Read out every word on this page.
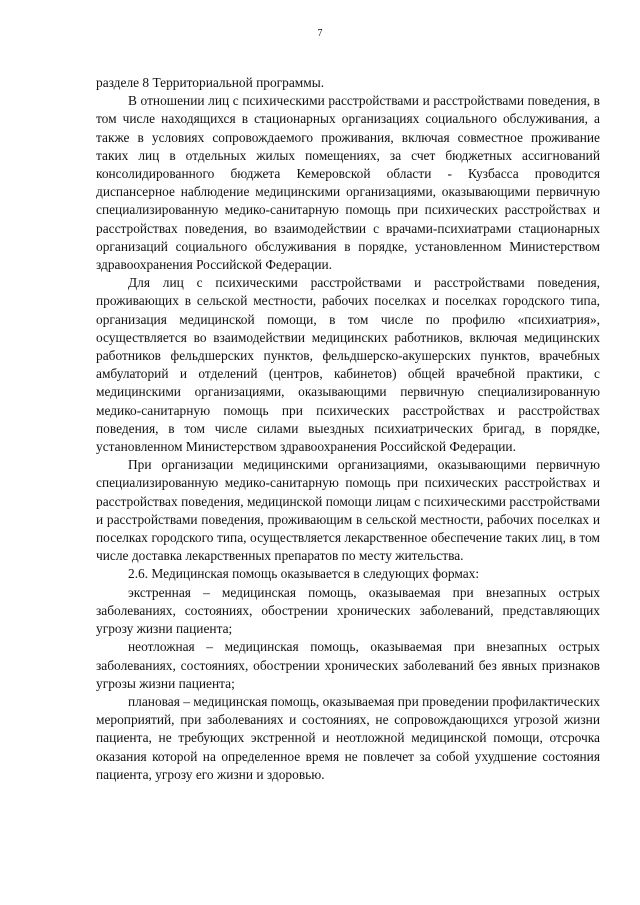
7

разделе 8 Территориальной программы.

В отношении лиц с психическими расстройствами и расстройствами поведения, в том числе находящихся в стационарных организациях социального обслуживания, а также в условиях сопровождаемого проживания, включая совместное проживание таких лиц в отдельных жилых помещениях, за счет бюджетных ассигнований консолидированного бюджета Кемеровской области - Кузбасса проводится диспансерное наблюдение медицинскими организациями, оказывающими первичную специализированную медико-санитарную помощь при психических расстройствах и расстройствах поведения, во взаимодействии с врачами-психиатрами стационарных организаций социального обслуживания в порядке, установленном Министерством здравоохранения Российской Федерации.

Для лиц с психическими расстройствами и расстройствами поведения, проживающих в сельской местности, рабочих поселках и поселках городского типа, организация медицинской помощи, в том числе по профилю «психиатрия», осуществляется во взаимодействии медицинских работников, включая медицинских работников фельдшерских пунктов, фельдшерско-акушерских пунктов, врачебных амбулаторий и отделений (центров, кабинетов) общей врачебной практики, с медицинскими организациями, оказывающими первичную специализированную медико-санитарную помощь при психических расстройствах и расстройствах поведения, в том числе силами выездных психиатрических бригад, в порядке, установленном Министерством здравоохранения Российской Федерации.

При организации медицинскими организациями, оказывающими первичную специализированную медико-санитарную помощь при психических расстройствах и расстройствах поведения, медицинской помощи лицам с психическими расстройствами и расстройствами поведения, проживающим в сельской местности, рабочих поселках и поселках городского типа, осуществляется лекарственное обеспечение таких лиц, в том числе доставка лекарственных препаратов по месту жительства.

2.6. Медицинская помощь оказывается в следующих формах:

экстренная – медицинская помощь, оказываемая при внезапных острых заболеваниях, состояниях, обострении хронических заболеваний, представляющих угрозу жизни пациента;

неотложная – медицинская помощь, оказываемая при внезапных острых заболеваниях, состояниях, обострении хронических заболеваний без явных признаков угрозы жизни пациента;

плановая – медицинская помощь, оказываемая при проведении профилактических мероприятий, при заболеваниях и состояниях, не сопровождающихся угрозой жизни пациента, не требующих экстренной и неотложной медицинской помощи, отсрочка оказания которой на определенное время не повлечет за собой ухудшение состояния пациента, угрозу его жизни и здоровью.
